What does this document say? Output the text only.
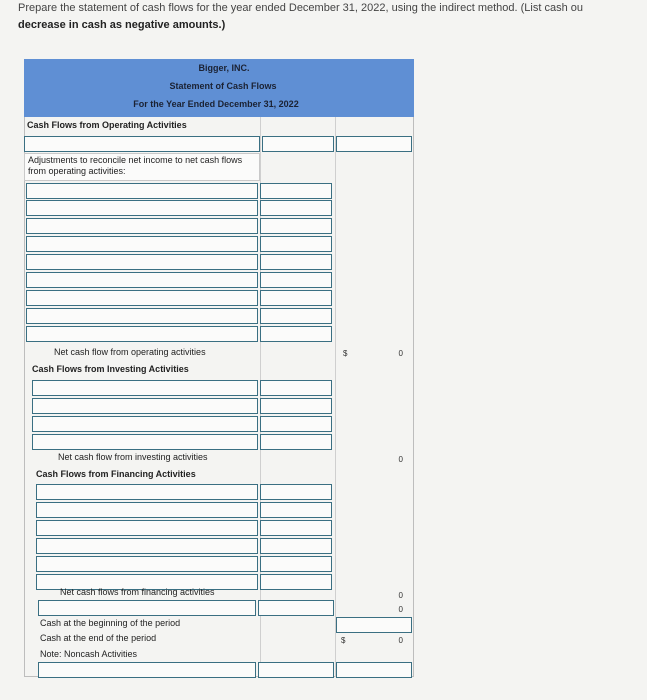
Prepare the statement of cash flows for the year ended December 31, 2022, using the indirect method. (List cash ou
decrease in cash as negative amounts.)
Bigger, INC.
Statement of Cash Flows
For the Year Ended December 31, 2022
Cash Flows from Operating Activities
Adjustments to reconcile net income to net cash flows from operating activities:
Net cash flow from operating activities	$	0
Cash Flows from Investing Activities
Net cash flow from investing activities	0
Cash Flows from Financing Activities
Net cash flows from financing activities	0
0
Cash at the beginning of the period
Cash at the end of the period	$	0
Note: Noncash Activities
